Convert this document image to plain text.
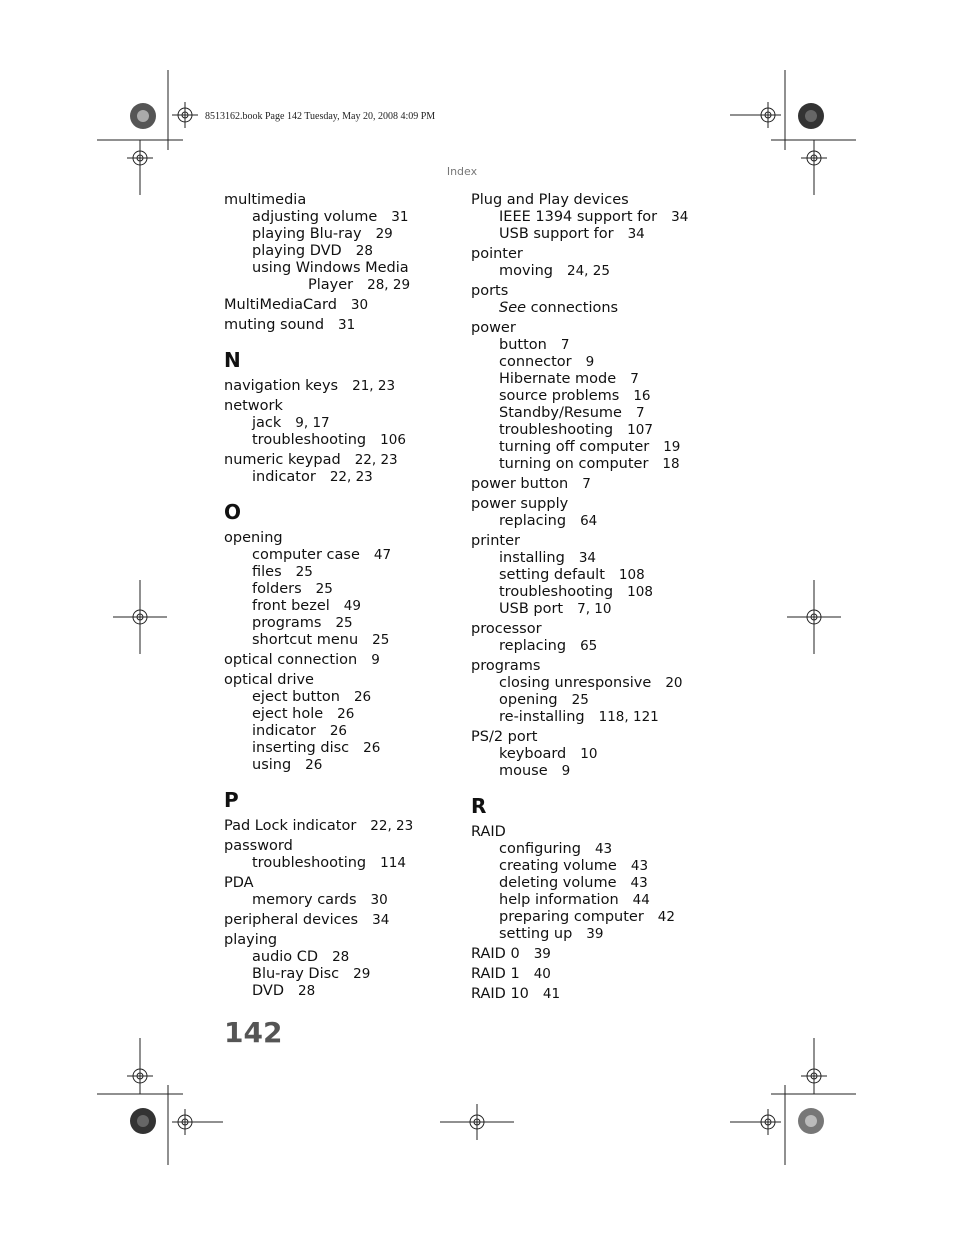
8513162.book Page 142 Tuesday, May 20, 2008 4:09 PM
Index
multimedia
adjusting volume 31
playing Blu-ray 29
playing DVD 28
using Windows Media
Player 28, 29
MultiMediaCard 30
muting sound 31
N
navigation keys 21, 23
network
jack 9, 17
troubleshooting 106
numeric keypad 22, 23
indicator 22, 23
O
opening
computer case 47
files 25
folders 25
front bezel 49
programs 25
shortcut menu 25
optical connection 9
optical drive
eject button 26
eject hole 26
indicator 26
inserting disc 26
using 26
P
Pad Lock indicator 22, 23
password
troubleshooting 114
PDA
memory cards 30
peripheral devices 34
playing
audio CD 28
Blu-ray Disc 29
DVD 28
Plug and Play devices
IEEE 1394 support for 34
USB support for 34
pointer
moving 24, 25
ports
See connections
power
button 7
connector 9
Hibernate mode 7
source problems 16
Standby/Resume 7
troubleshooting 107
turning off computer 19
turning on computer 18
power button 7
power supply
replacing 64
printer
installing 34
setting default 108
troubleshooting 108
USB port 7, 10
processor
replacing 65
programs
closing unresponsive 20
opening 25
re-installing 118, 121
PS/2 port
keyboard 10
mouse 9
R
RAID
configuring 43
creating volume 43
deleting volume 43
help information 44
preparing computer 42
setting up 39
RAID 0 39
RAID 1 40
RAID 10 41
142
